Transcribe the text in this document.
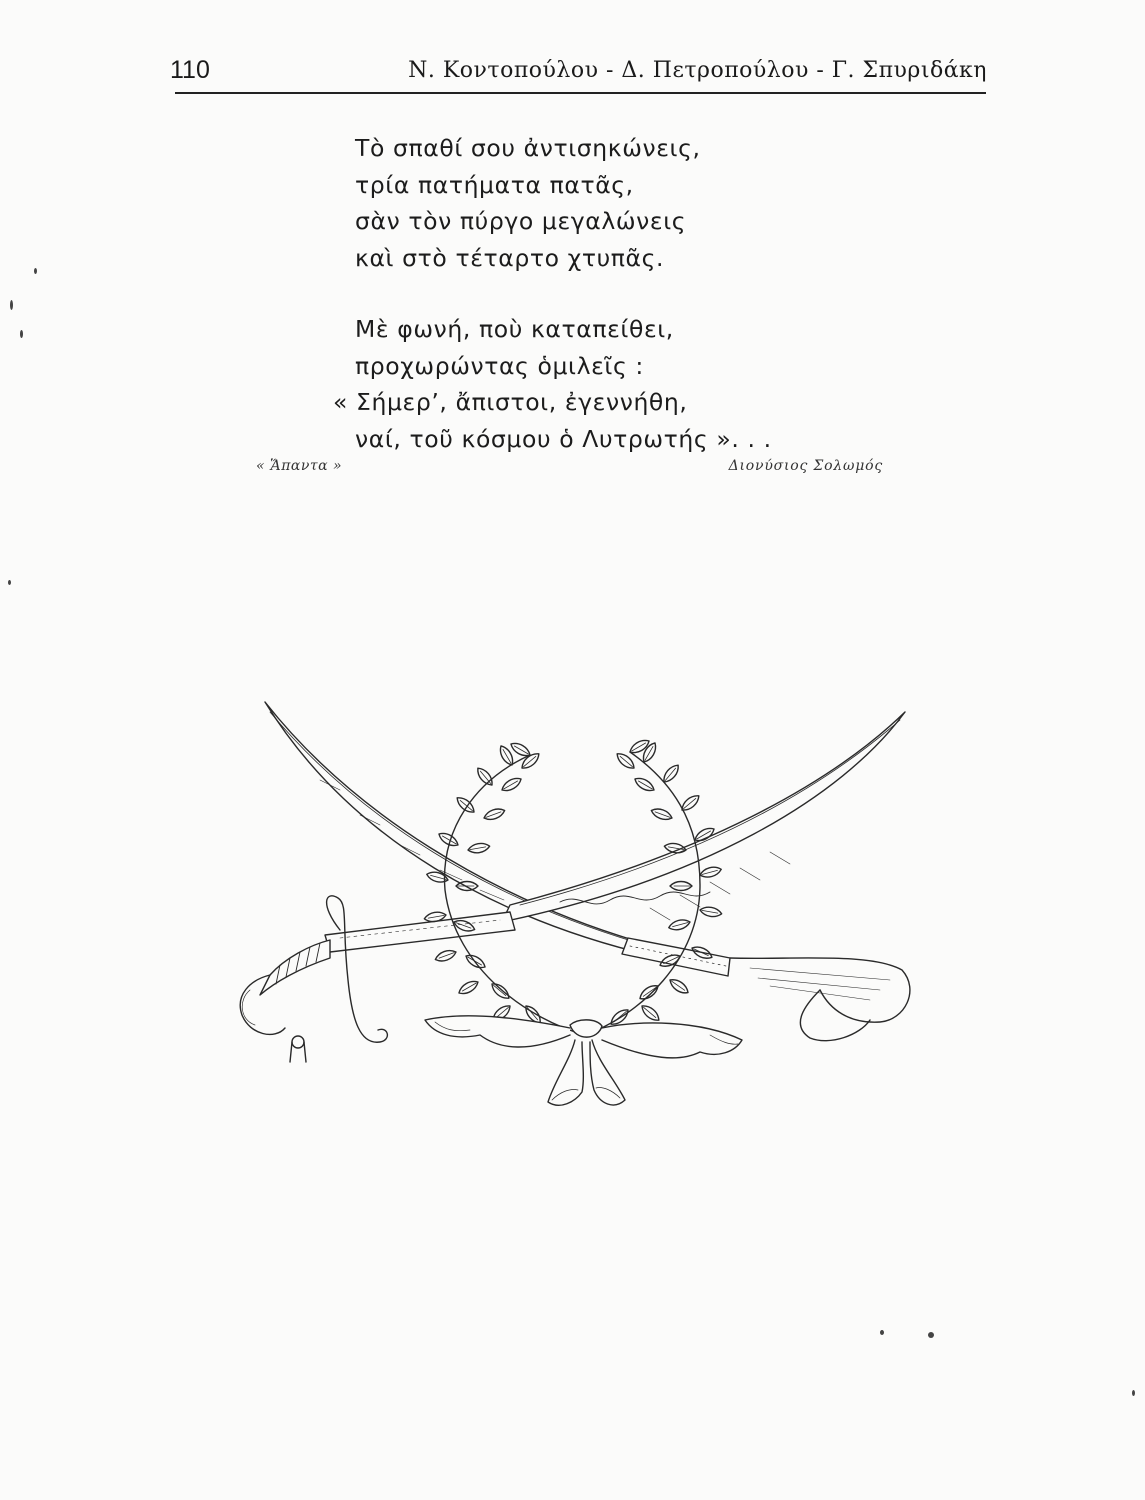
110	Ν. Κοντοπούλου - Δ. Πετροπούλου - Γ. Σπυριδάκη
Τὸ σπαθί σου ἀντισηκώνεις,
τρία πατήματα πατᾶς,
σὰν τὸν πύργο μεγαλώνεις
καὶ στὸ τέταρτο χτυπᾶς.
Μὲ φωνή, ποὺ καταπείθει,
προχωρώντας ὁμιλεῖς :
« Σήμερ’, ἄπιστοι, ἐγεννήθη,
ναί, τοῦ κόσμου ὁ Λυτρωτής ». . .
« Ἅπαντα »	Διονύσιος Σολωμός
